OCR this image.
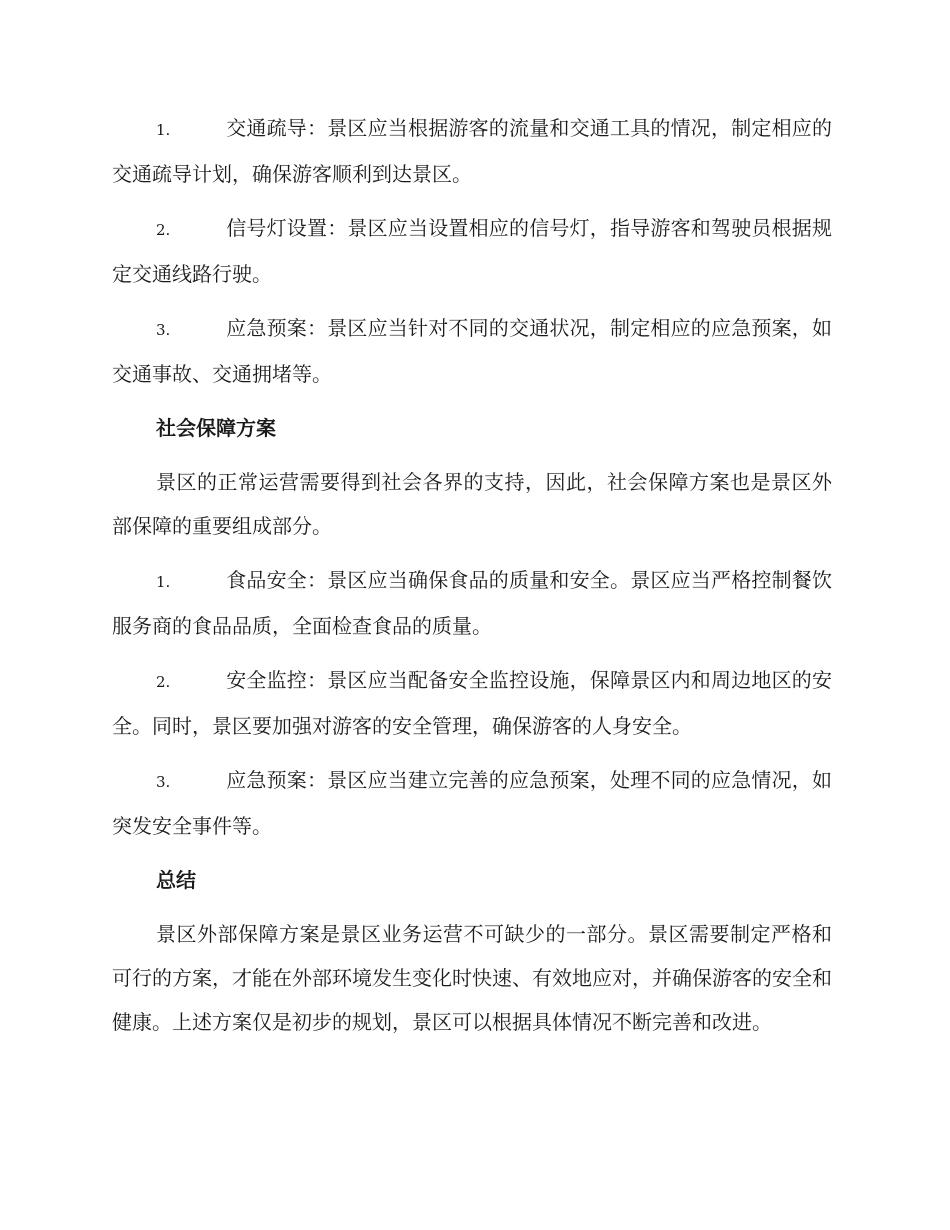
1.	交通疏导：景区应当根据游客的流量和交通工具的情况，制定相应的交通疏导计划，确保游客顺利到达景区。

2.	信号灯设置：景区应当设置相应的信号灯，指导游客和驾驶员根据规定交通线路行驶。

3.	应急预案：景区应当针对不同的交通状况，制定相应的应急预案，如交通事故、交通拥堵等。

社会保障方案

景区的正常运营需要得到社会各界的支持，因此，社会保障方案也是景区外部保障的重要组成部分。

1.	食品安全：景区应当确保食品的质量和安全。景区应当严格控制餐饮服务商的食品品质，全面检查食品的质量。

2.	安全监控：景区应当配备安全监控设施，保障景区内和周边地区的安全。同时，景区要加强对游客的安全管理，确保游客的人身安全。

3.	应急预案：景区应当建立完善的应急预案，处理不同的应急情况，如突发安全事件等。

总结

景区外部保障方案是景区业务运营不可缺少的一部分。景区需要制定严格和可行的方案，才能在外部环境发生变化时快速、有效地应对，并确保游客的安全和健康。上述方案仅是初步的规划，景区可以根据具体情况不断完善和改进。
